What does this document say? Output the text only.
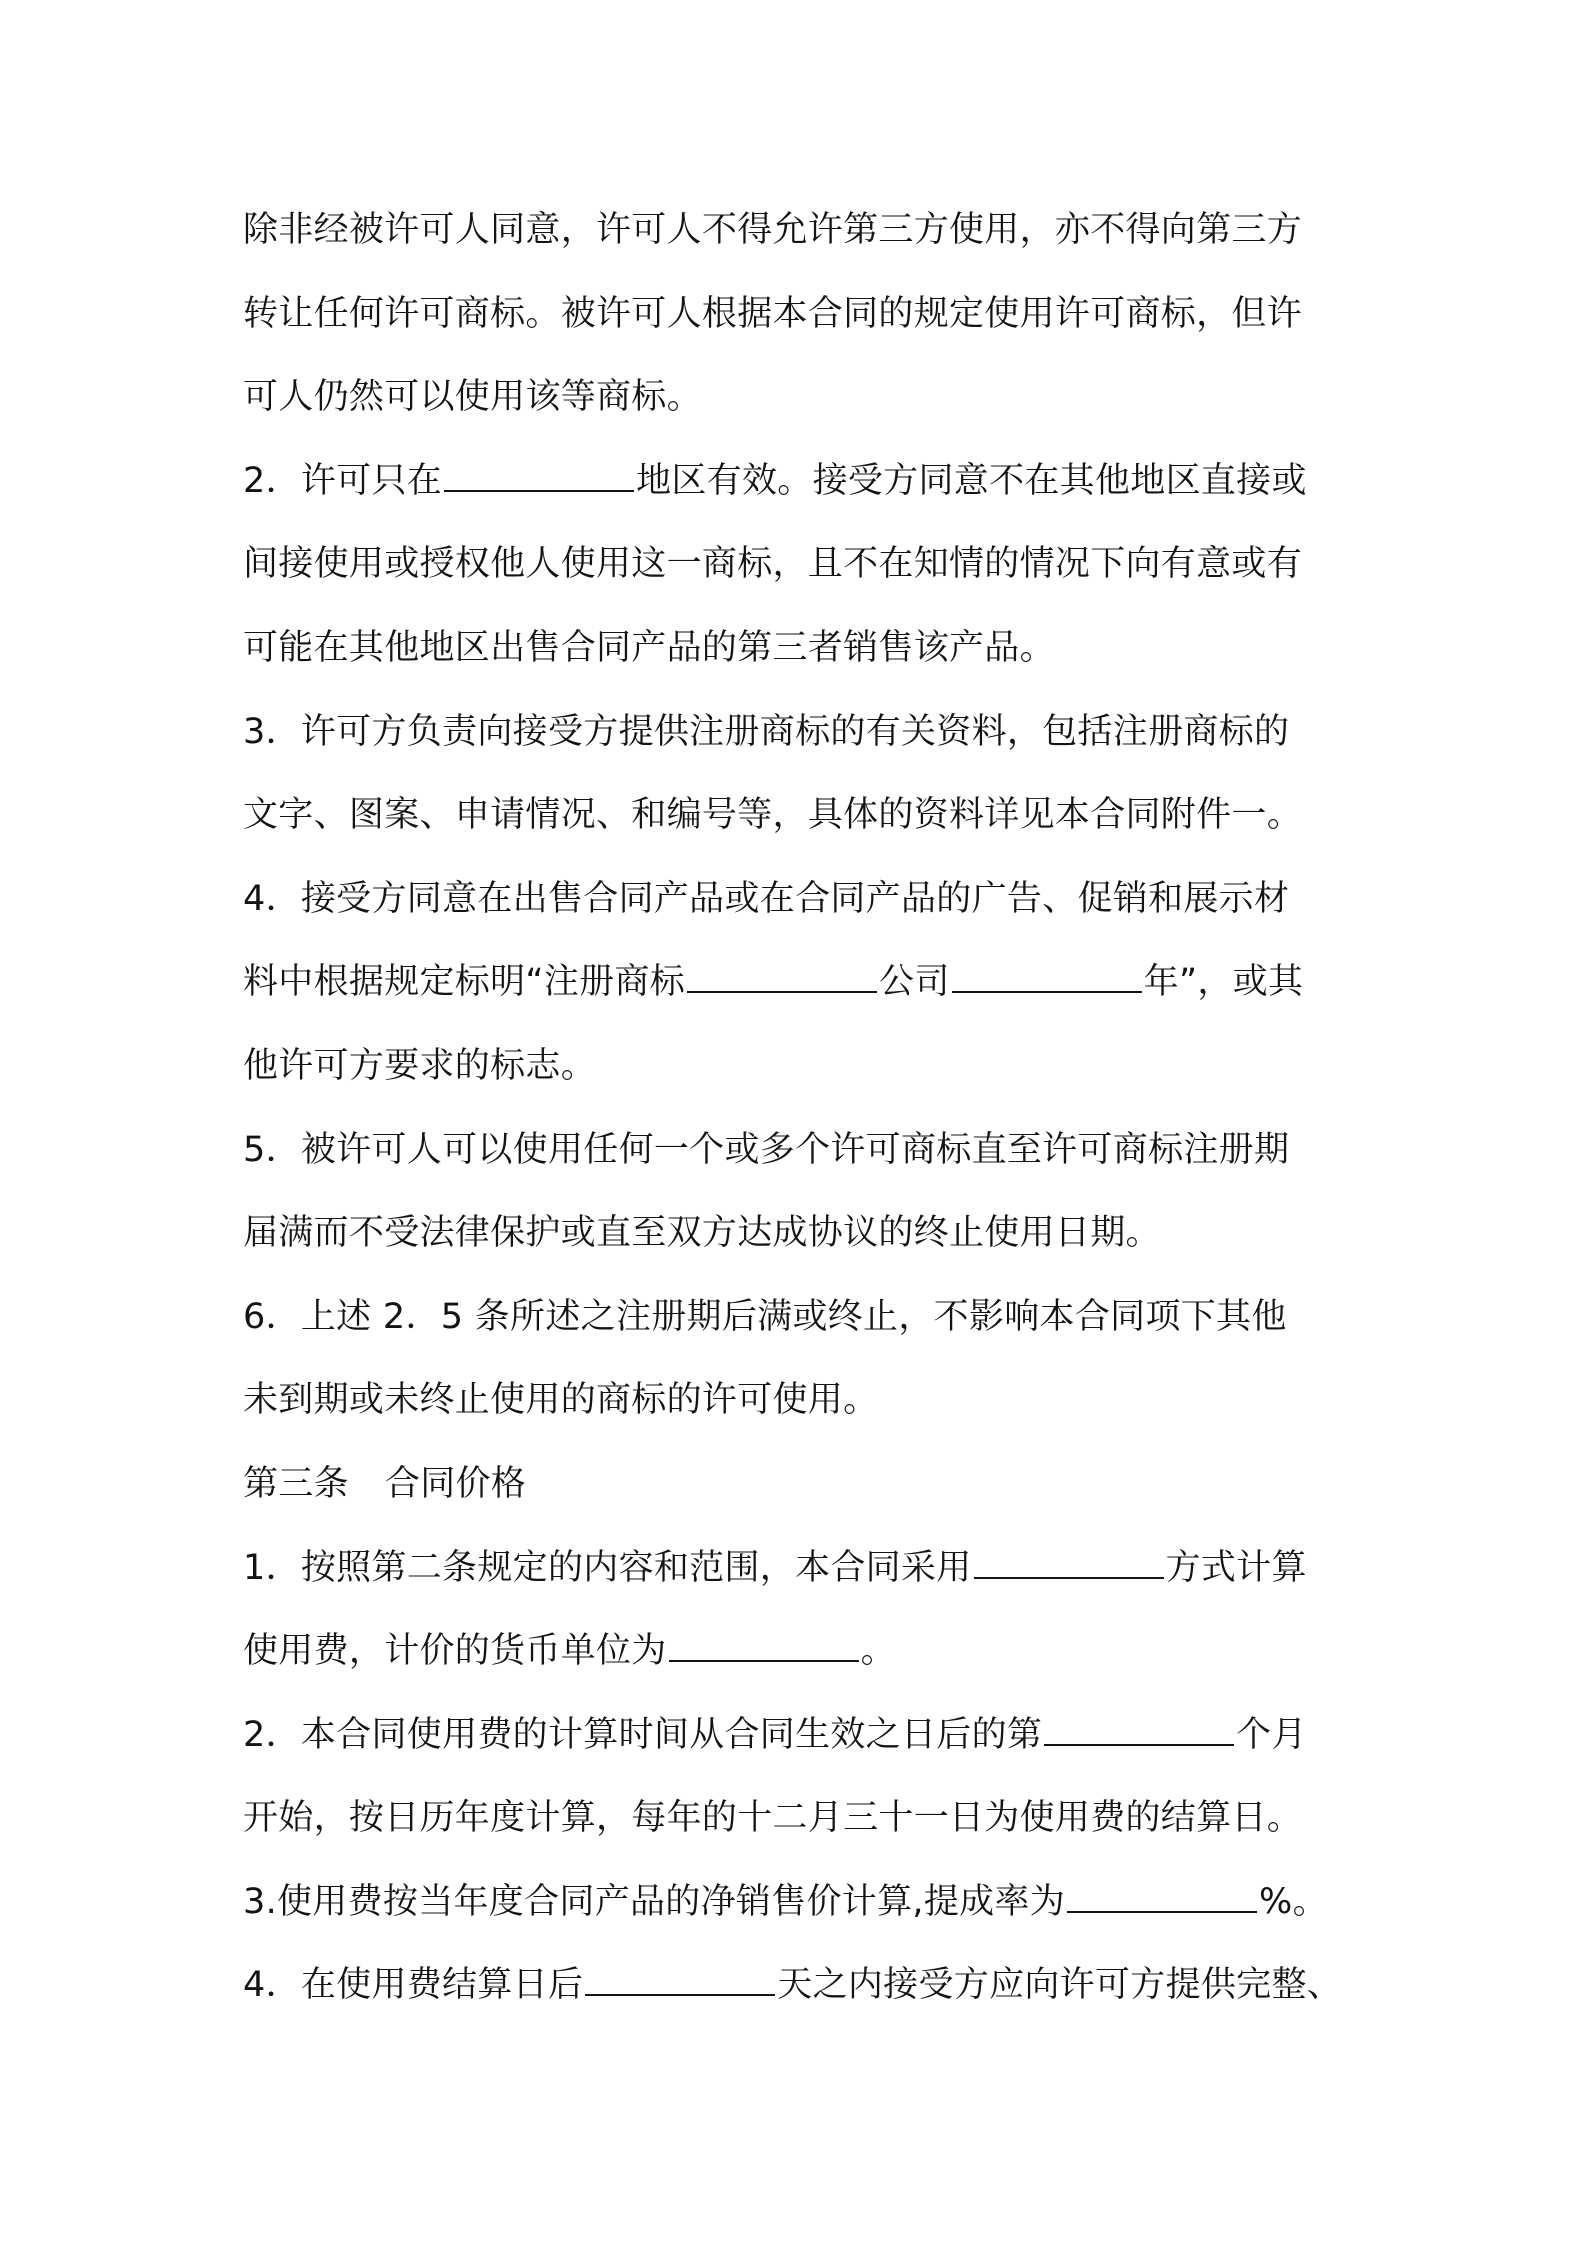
除非经被许可人同意，许可人不得允许第三方使用，亦不得向第三方
转让任何许可商标。被许可人根据本合同的规定使用许可商标，但许
可人仍然可以使用该等商标。
2．许可只在	地区有效。接受方同意不在其他地区直接或
间接使用或授权他人使用这一商标，且不在知情的情况下向有意或有
可能在其他地区出售合同产品的第三者销售该产品。
3．许可方负责向接受方提供注册商标的有关资料，包括注册商标的
文字、图案、申请情况、和编号等，具体的资料详见本合同附件一。
4．接受方同意在出售合同产品或在合同产品的广告、促销和展示材
料中根据规定标明“注册商标	公司	年”，或其
他许可方要求的标志。
5．被许可人可以使用任何一个或多个许可商标直至许可商标注册期
届满而不受法律保护或直至双方达成协议的终止使用日期。
6．上述 2．5 条所述之注册期后满或终止，不影响本合同项下其他
未到期或未终止使用的商标的许可使用。
第三条 合同价格
1．按照第二条规定的内容和范围，本合同采用	方式计算
使用费，计价的货币单位为	。
2．本合同使用费的计算时间从合同生效之日后的第	个月
开始，按日历年度计算，每年的十二月三十一日为使用费的结算日。
3.使用费按当年度合同产品的净销售价计算,提成率为	%。
4．在使用费结算日后	天之内接受方应向许可方提供完整、
